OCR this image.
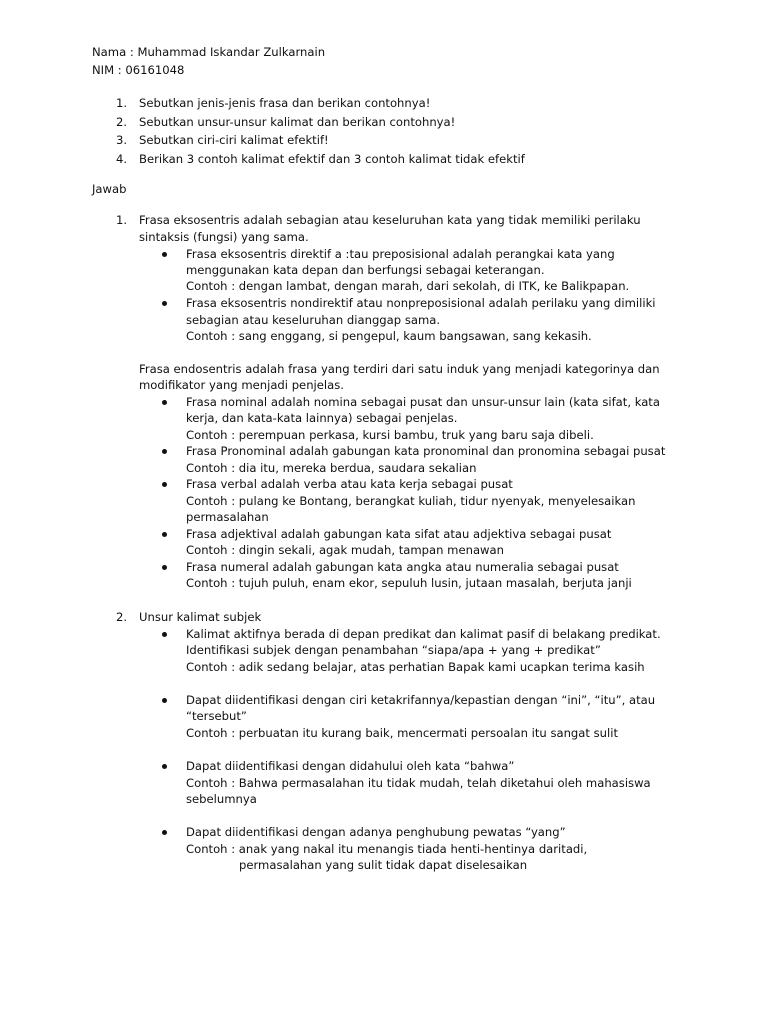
Nama : Muhammad Iskandar Zulkarnain
NIM : 06161048
1. Sebutkan jenis-jenis frasa dan berikan contohnya!
2. Sebutkan unsur-unsur kalimat dan berikan contohnya!
3. Sebutkan ciri-ciri kalimat efektif!
4. Berikan 3 contoh kalimat efektif dan 3 contoh kalimat tidak efektif
Jawab
1. Frasa eksosentris adalah sebagian atau keseluruhan kata yang tidak memiliki perilaku
sintaksis (fungsi) yang sama.
Frasa eksosentris direktif a :tau preposisional adalah perangkai kata yang
menggunakan kata depan dan berfungsi sebagai keterangan.
Contoh : dengan lambat, dengan marah, dari sekolah, di ITK, ke Balikpapan.
Frasa eksosentris nondirektif atau nonpreposisional adalah perilaku yang dimiliki
sebagian atau keseluruhan dianggap sama.
Contoh : sang enggang, si pengepul, kaum bangsawan, sang kekasih.
Frasa endosentris adalah frasa yang terdiri dari satu induk yang menjadi kategorinya dan
modifikator yang menjadi penjelas.
Frasa nominal adalah nomina sebagai pusat dan unsur-unsur lain (kata sifat, kata
kerja, dan kata-kata lainnya) sebagai penjelas.
Contoh : perempuan perkasa, kursi bambu, truk yang baru saja dibeli.
Frasa Pronominal adalah gabungan kata pronominal dan pronomina sebagai pusat
Contoh : dia itu, mereka berdua, saudara sekalian
Frasa verbal adalah verba atau kata kerja sebagai pusat
Contoh : pulang ke Bontang, berangkat kuliah, tidur nyenyak, menyelesaikan
permasalahan
Frasa adjektival adalah gabungan kata sifat atau adjektiva sebagai pusat
Contoh : dingin sekali, agak mudah, tampan menawan
Frasa numeral adalah gabungan kata angka atau numeralia sebagai pusat
Contoh : tujuh puluh, enam ekor, sepuluh lusin, jutaan masalah, berjuta janji
2. Unsur kalimat subjek
Kalimat aktifnya berada di depan predikat dan kalimat pasif di belakang predikat.
Identifikasi subjek dengan penambahan “siapa/apa + yang + predikat”
Contoh : adik sedang belajar, atas perhatian Bapak kami ucapkan terima kasih
Dapat diidentifikasi dengan ciri ketakrifannya/kepastian dengan “ini”, “itu”, atau
“tersebut”
Contoh : perbuatan itu kurang baik, mencermati persoalan itu sangat sulit
Dapat diidentifikasi dengan didahului oleh kata “bahwa”
Contoh : Bahwa permasalahan itu tidak mudah, telah diketahui oleh mahasiswa
sebelumnya
Dapat diidentifikasi dengan adanya penghubung pewatas “yang”
Contoh : anak yang nakal itu menangis tiada henti-hentinya daritadi,
permasalahan yang sulit tidak dapat diselesaikan
